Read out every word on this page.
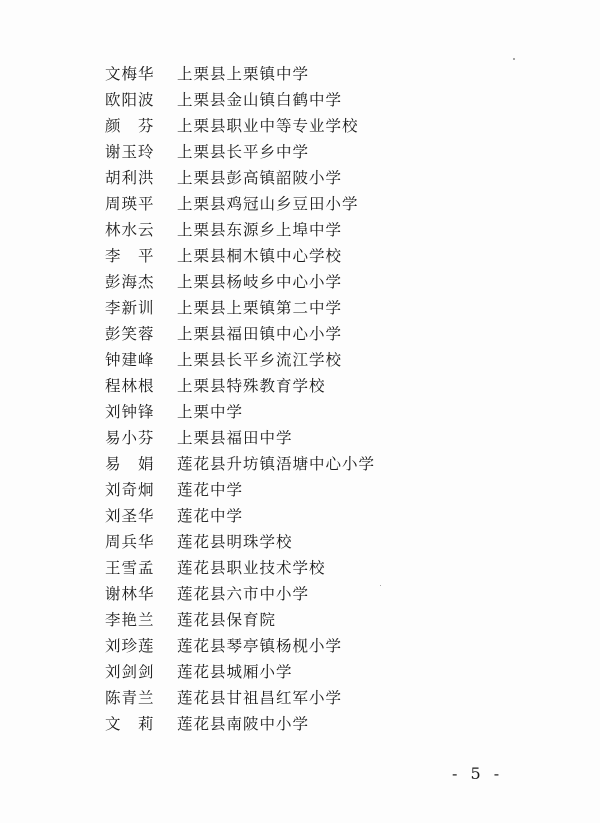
文梅华	上栗县上栗镇中学
欧阳波	上栗县金山镇白鹤中学
颜　芬	上栗县职业中等专业学校
谢玉玲	上栗县长平乡中学
胡利洪	上栗县彭高镇韶陂小学
周瑛平	上栗县鸡冠山乡豆田小学
林水云	上栗县东源乡上埠中学
李　平	上栗县桐木镇中心学校
彭海杰	上栗县杨岐乡中心小学
李新训	上栗县上栗镇第二中学
彭笑蓉	上栗县福田镇中心小学
钟建峰	上栗县长平乡流江学校
程林根	上栗县特殊教育学校
刘钟锋	上栗中学
易小芬	上栗县福田中学
易　娟	莲花县升坊镇浯塘中心小学
刘奇炯	莲花中学
刘圣华	莲花中学
周兵华	莲花县明珠学校
王雪孟	莲花县职业技术学校
谢林华	莲花县六市中小学
李艳兰	莲花县保育院
刘珍莲	莲花县琴亭镇杨枧小学
刘剑剑	莲花县城厢小学
陈青兰	莲花县甘祖昌红军小学
文　莉	莲花县南陂中小学
- 5 -
